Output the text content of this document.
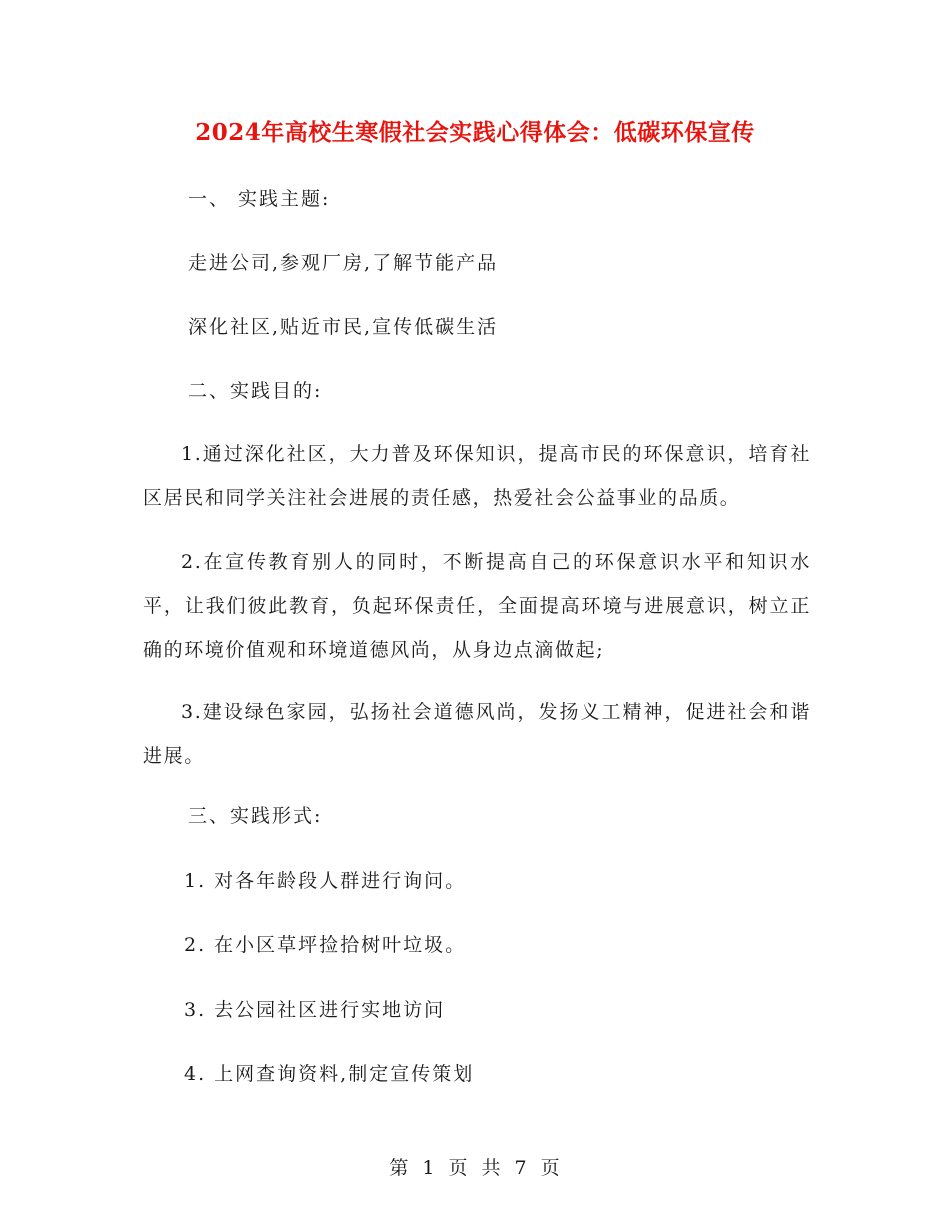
2024年高校生寒假社会实践心得体会：低碳环保宣传
一、 实践主题:
走进公司,参观厂房,了解节能产品
深化社区,贴近市民,宣传低碳生活
二、实践目的:
1.通过深化社区，大力普及环保知识，提高市民的环保意识，培育社区居民和同学关注社会进展的责任感，热爱社会公益事业的品质。
2.在宣传教育别人的同时，不断提高自己的环保意识水平和知识水平，让我们彼此教育，负起环保责任，全面提高环境与进展意识，树立正确的环境价值观和环境道德风尚，从身边点滴做起;
3.建设绿色家园，弘扬社会道德风尚，发扬义工精神，促进社会和谐进展。
三、实践形式:
1. 对各年龄段人群进行询问。
2. 在小区草坪捡拾树叶垃圾。
3. 去公园社区进行实地访问
4. 上网查询资料,制定宣传策划
第 1 页 共 7 页
